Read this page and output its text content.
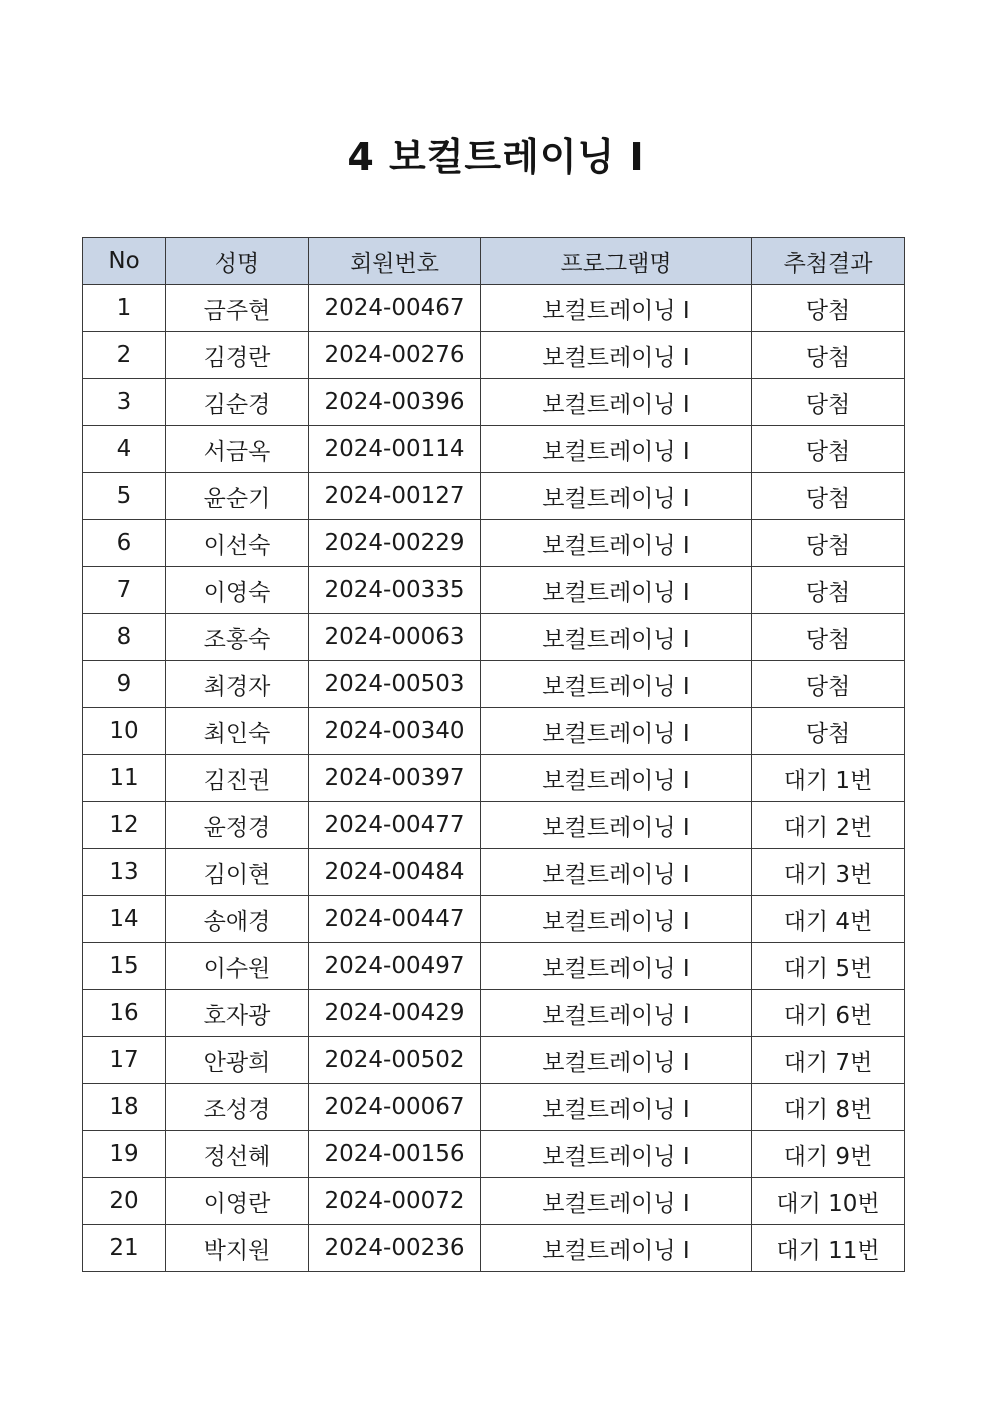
4 보컬트레이닝 Ⅰ
No	성명	회원번호	프로그램명	추첨결과
1	금주현	2024-00467	보컬트레이닝 Ⅰ	당첨
2	김경란	2024-00276	보컬트레이닝 Ⅰ	당첨
3	김순경	2024-00396	보컬트레이닝 Ⅰ	당첨
4	서금옥	2024-00114	보컬트레이닝 Ⅰ	당첨
5	윤순기	2024-00127	보컬트레이닝 Ⅰ	당첨
6	이선숙	2024-00229	보컬트레이닝 Ⅰ	당첨
7	이영숙	2024-00335	보컬트레이닝 Ⅰ	당첨
8	조홍숙	2024-00063	보컬트레이닝 Ⅰ	당첨
9	최경자	2024-00503	보컬트레이닝 Ⅰ	당첨
10	최인숙	2024-00340	보컬트레이닝 Ⅰ	당첨
11	김진권	2024-00397	보컬트레이닝 Ⅰ	대기 1번
12	윤정경	2024-00477	보컬트레이닝 Ⅰ	대기 2번
13	김이현	2024-00484	보컬트레이닝 Ⅰ	대기 3번
14	송애경	2024-00447	보컬트레이닝 Ⅰ	대기 4번
15	이수원	2024-00497	보컬트레이닝 Ⅰ	대기 5번
16	호자광	2024-00429	보컬트레이닝 Ⅰ	대기 6번
17	안광희	2024-00502	보컬트레이닝 Ⅰ	대기 7번
18	조성경	2024-00067	보컬트레이닝 Ⅰ	대기 8번
19	정선혜	2024-00156	보컬트레이닝 Ⅰ	대기 9번
20	이영란	2024-00072	보컬트레이닝 Ⅰ	대기 10번
21	박지원	2024-00236	보컬트레이닝 Ⅰ	대기 11번
